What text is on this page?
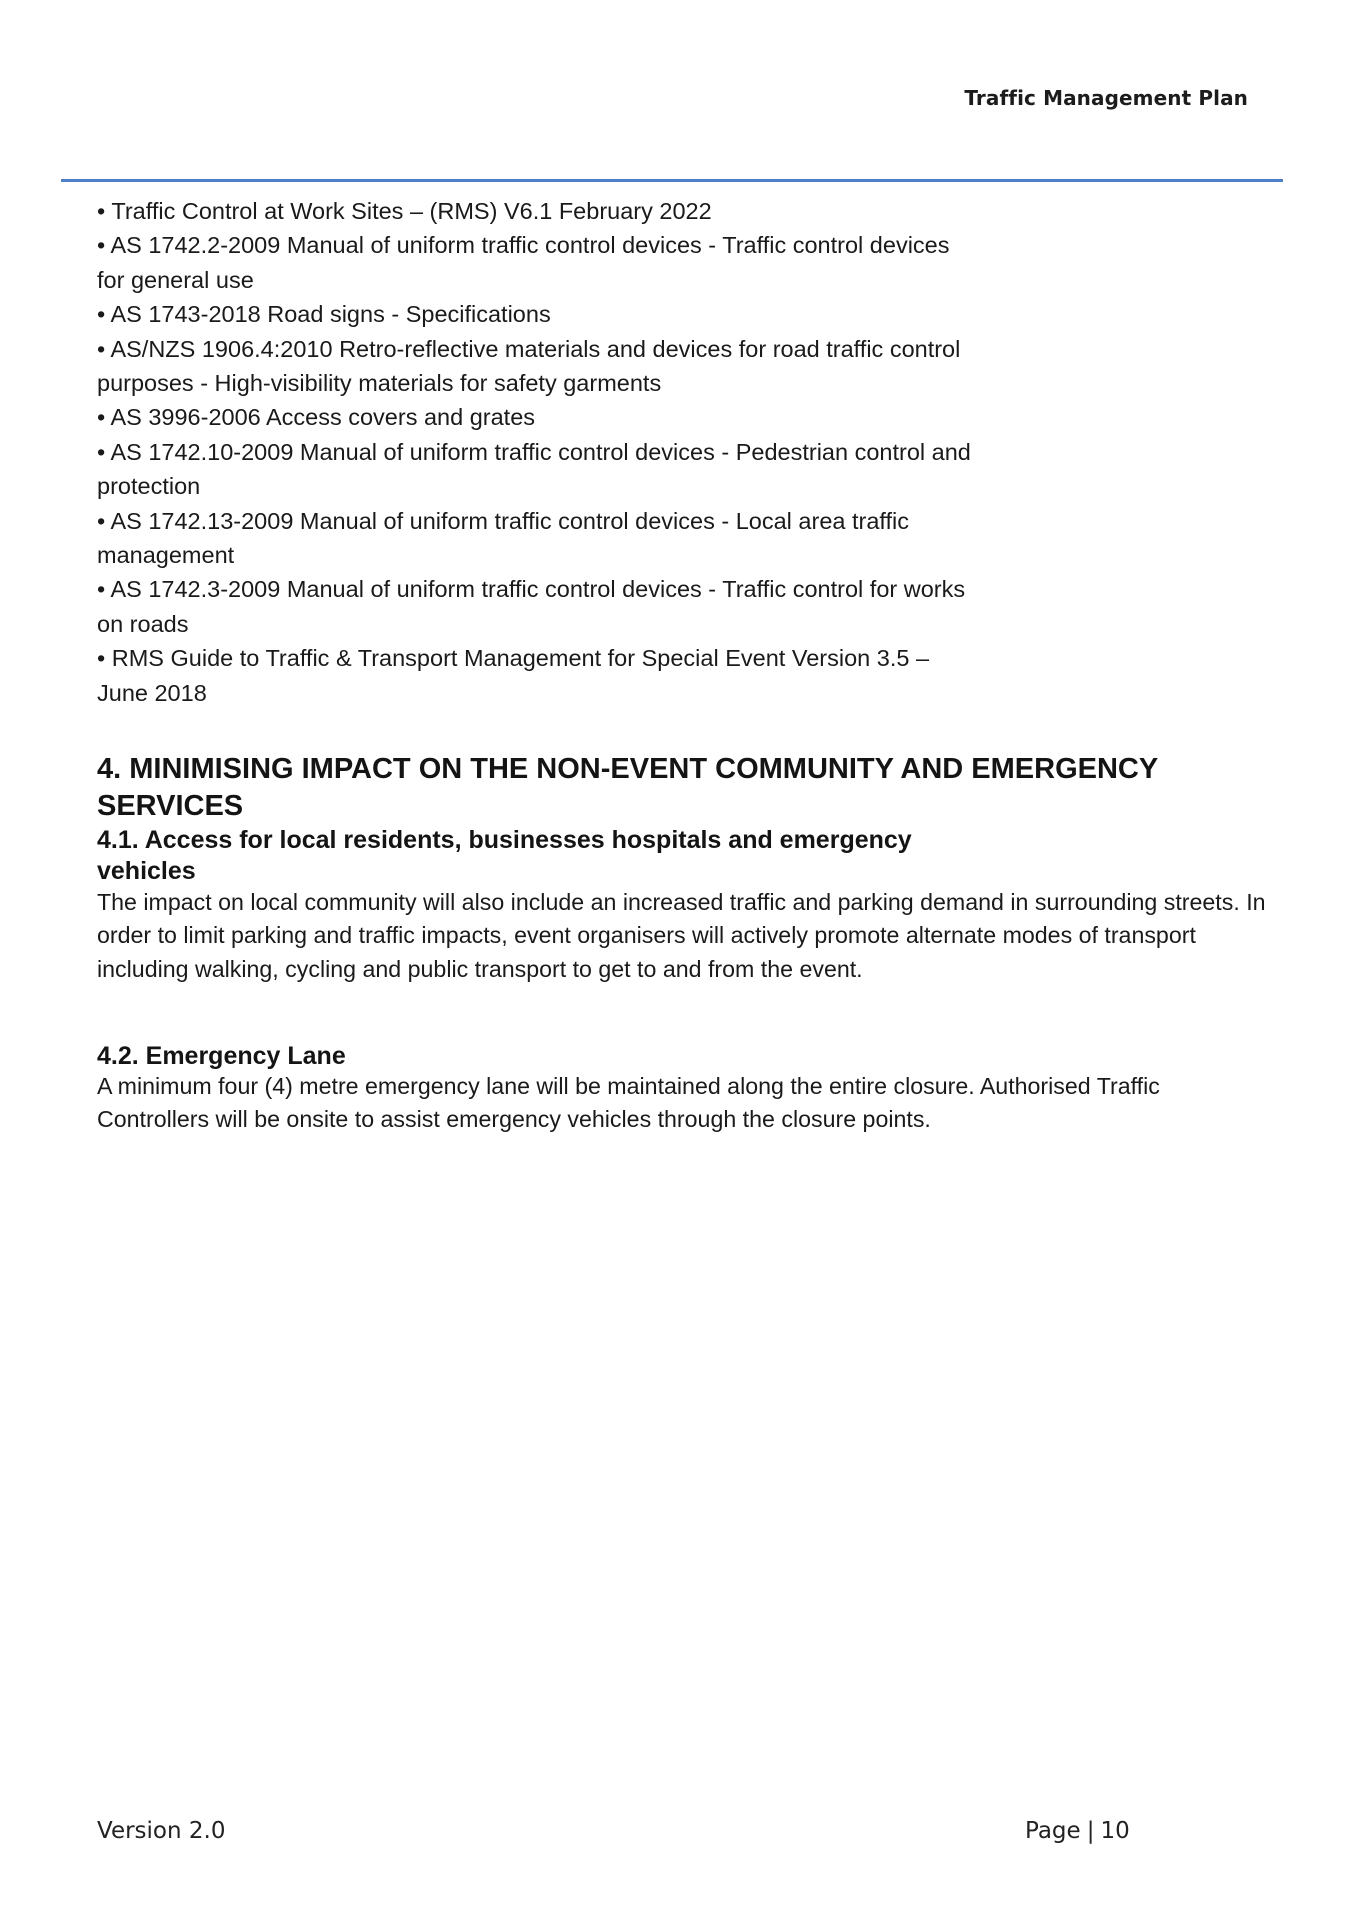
Traffic Management Plan

• Traffic Control at Work Sites – (RMS) V6.1 February 2022

• AS 1742.2-2009 Manual of uniform traffic control devices - Traffic control devices for general use

• AS 1743-2018 Road signs - Specifications

• AS/NZS 1906.4:2010 Retro-reflective materials and devices for road traffic control purposes - High-visibility materials for safety garments

• AS 3996-2006 Access covers and grates

• AS 1742.10-2009 Manual of uniform traffic control devices - Pedestrian control and protection

• AS 1742.13-2009 Manual of uniform traffic control devices - Local area traffic management

• AS 1742.3-2009 Manual of uniform traffic control devices - Traffic control for works on roads

• RMS Guide to Traffic & Transport Management for Special Event Version 3.5 – June 2018

4. MINIMISING IMPACT ON THE NON-EVENT COMMUNITY AND EMERGENCY SERVICES
4.1. Access for local residents, businesses hospitals and emergency vehicles

The impact on local community will also include an increased traffic and parking demand in surrounding streets. In order to limit parking and traffic impacts, event organisers will actively promote alternate modes of transport including walking, cycling and public transport to get to and from the event.

4.2. Emergency Lane

A minimum four (4) metre emergency lane will be maintained along the entire closure. Authorised Traffic Controllers will be onsite to assist emergency vehicles through the closure points.

Version 2.0	Page | 10
